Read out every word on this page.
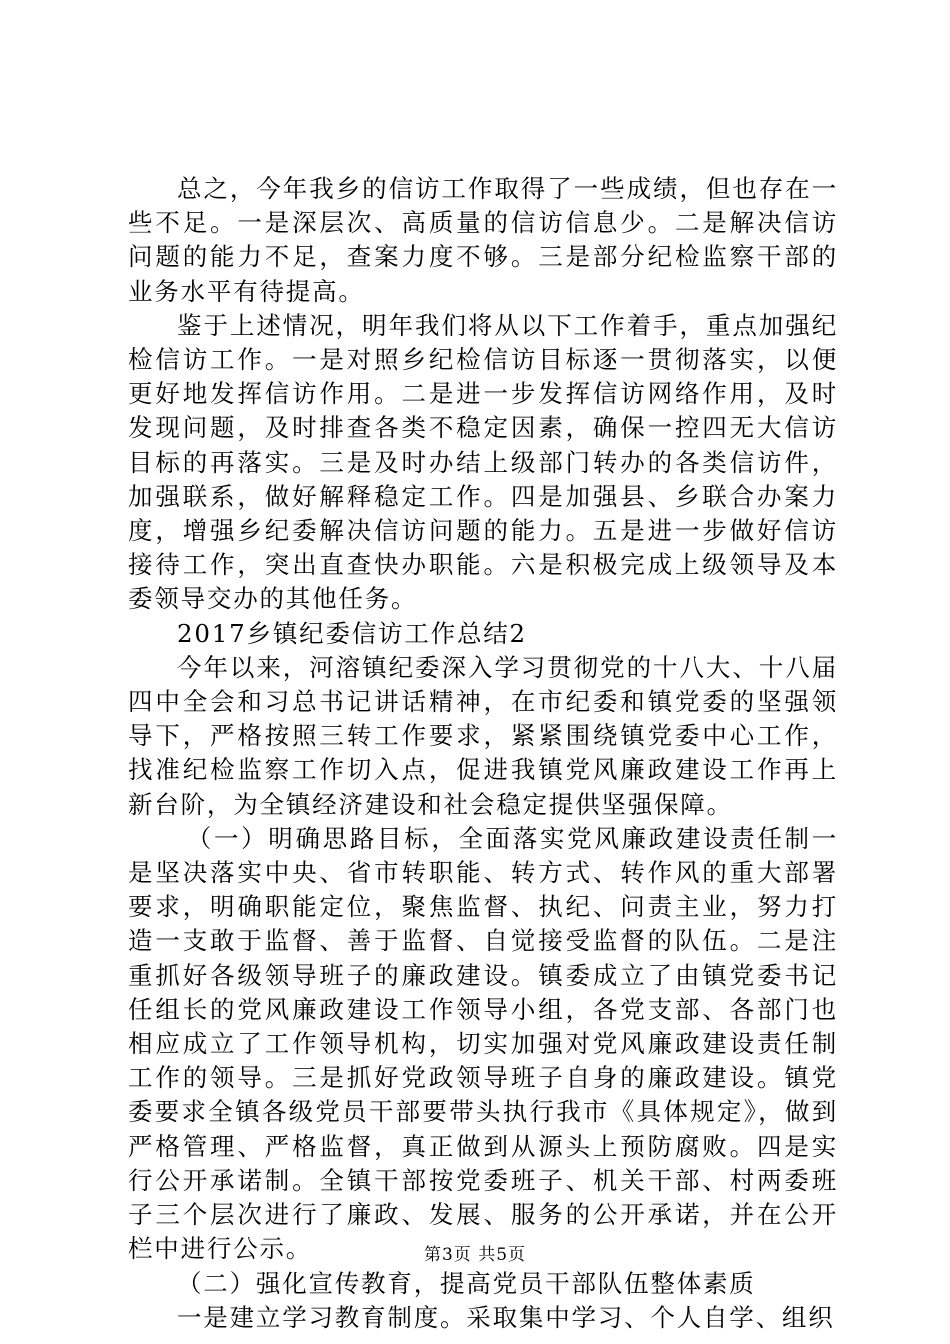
总之，今年我乡的信访工作取得了一些成绩，但也存在一些不足。一是深层次、高质量的信访信息少。二是解决信访问题的能力不足，查案力度不够。三是部分纪检监察干部的业务水平有待提高。

鉴于上述情况，明年我们将从以下工作着手，重点加强纪检信访工作。一是对照乡纪检信访目标逐一贯彻落实，以便更好地发挥信访作用。二是进一步发挥信访网络作用，及时发现问题，及时排查各类不稳定因素，确保一控四无大信访目标的再落实。三是及时办结上级部门转办的各类信访件，加强联系，做好解释稳定工作。四是加强县、乡联合办案力度，增强乡纪委解决信访问题的能力。五是进一步做好信访接待工作，突出直查快办职能。六是积极完成上级领导及本委领导交办的其他任务。

2017乡镇纪委信访工作总结2

今年以来，河溶镇纪委深入学习贯彻党的十八大、十八届四中全会和习总书记讲话精神，在市纪委和镇党委的坚强领导下，严格按照三转工作要求，紧紧围绕镇党委中心工作，找准纪检监察工作切入点，促进我镇党风廉政建设工作再上新台阶，为全镇经济建设和社会稳定提供坚强保障。

（一）明确思路目标，全面落实党风廉政建设责任制一是坚决落实中央、省市转职能、转方式、转作风的重大部署要求，明确职能定位，聚焦监督、执纪、问责主业，努力打造一支敢于监督、善于监督、自觉接受监督的队伍。二是注重抓好各级领导班子的廉政建设。镇委成立了由镇党委书记任组长的党风廉政建设工作领导小组，各党支部、各部门也相应成立了工作领导机构，切实加强对党风廉政建设责任制工作的领导。三是抓好党政领导班子自身的廉政建设。镇党委要求全镇各级党员干部要带头执行我市《具体规定》，做到严格管理、严格监督，真正做到从源头上预防腐败。四是实行公开承诺制。全镇干部按党委班子、机关干部、村两委班子三个层次进行了廉政、发展、服务的公开承诺，并在公开栏中进行公示。

（二）强化宣传教育，提高党员干部队伍整体素质

一是建立学习教育制度。采取集中学习、个人自学、组织

第3页 共5页
